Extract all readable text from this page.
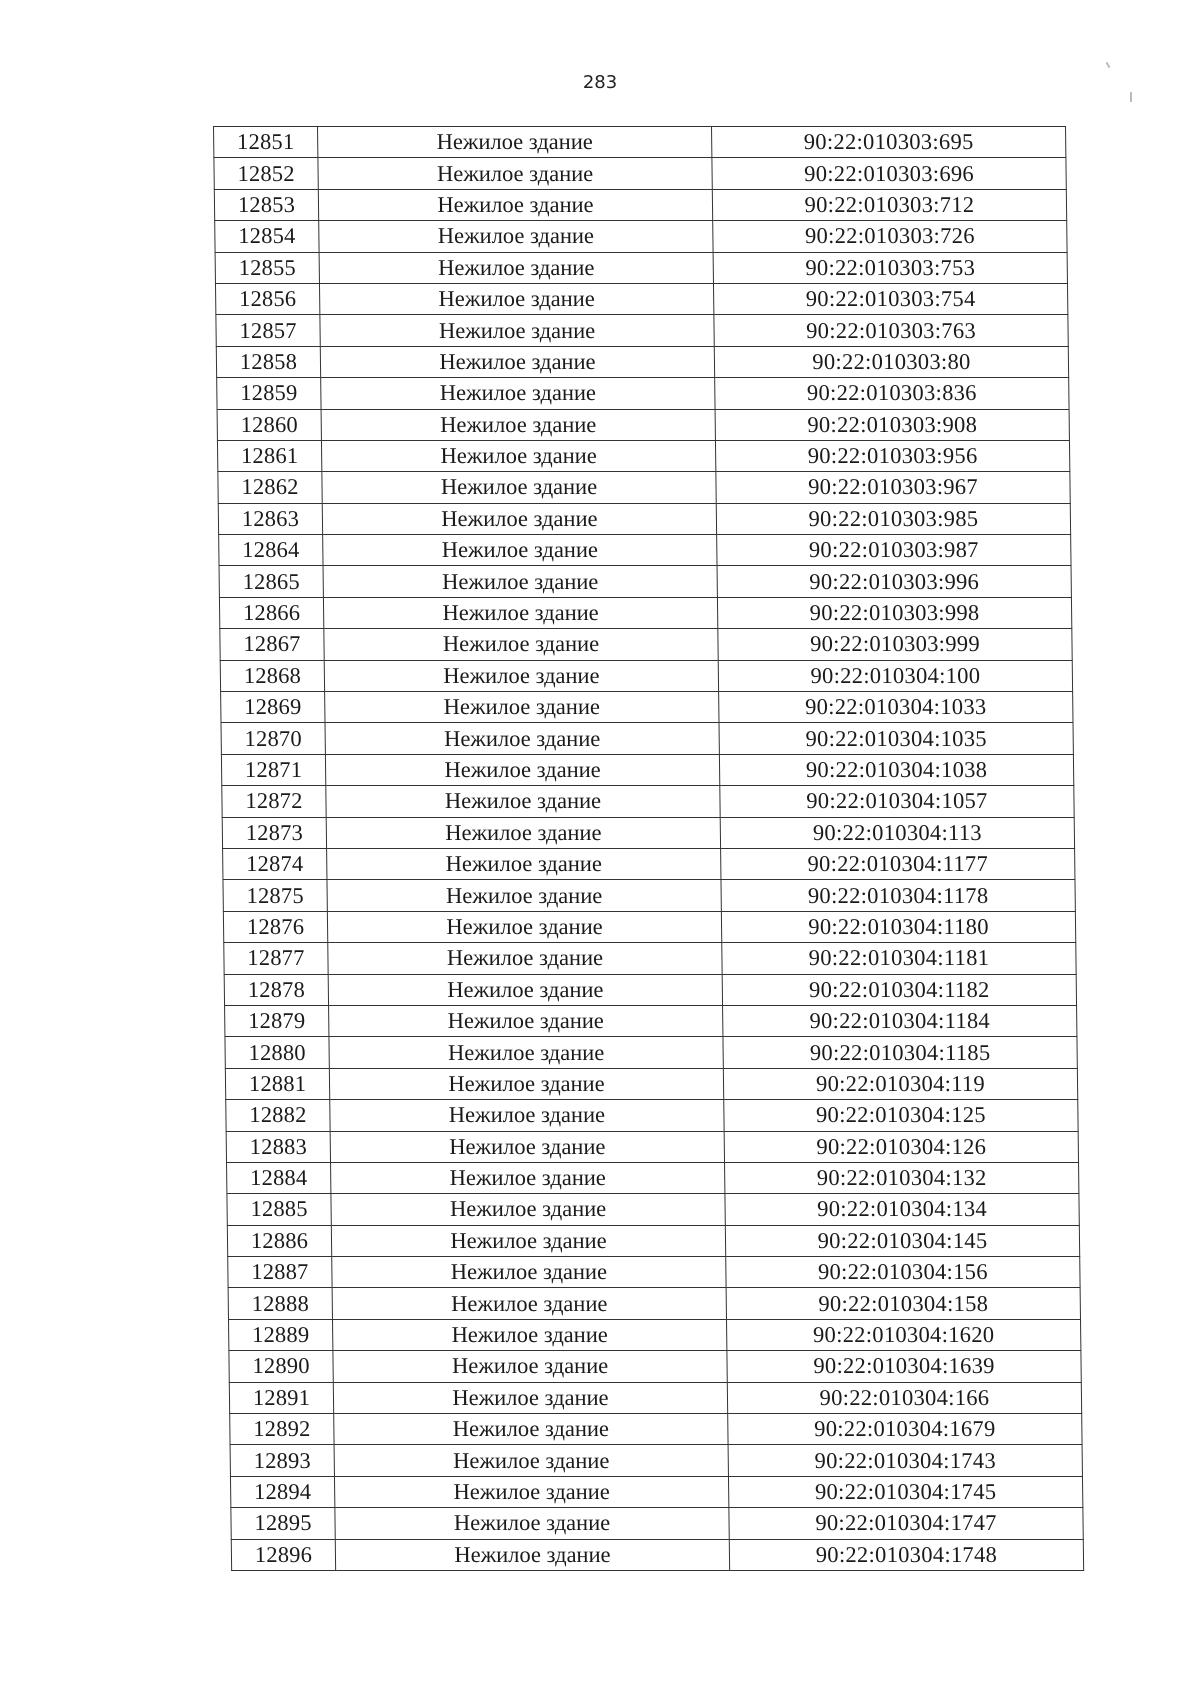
283
12851	Нежилое здание	90:22:010303:695
12852	Нежилое здание	90:22:010303:696
12853	Нежилое здание	90:22:010303:712
12854	Нежилое здание	90:22:010303:726
12855	Нежилое здание	90:22:010303:753
12856	Нежилое здание	90:22:010303:754
12857	Нежилое здание	90:22:010303:763
12858	Нежилое здание	90:22:010303:80
12859	Нежилое здание	90:22:010303:836
12860	Нежилое здание	90:22:010303:908
12861	Нежилое здание	90:22:010303:956
12862	Нежилое здание	90:22:010303:967
12863	Нежилое здание	90:22:010303:985
12864	Нежилое здание	90:22:010303:987
12865	Нежилое здание	90:22:010303:996
12866	Нежилое здание	90:22:010303:998
12867	Нежилое здание	90:22:010303:999
12868	Нежилое здание	90:22:010304:100
12869	Нежилое здание	90:22:010304:1033
12870	Нежилое здание	90:22:010304:1035
12871	Нежилое здание	90:22:010304:1038
12872	Нежилое здание	90:22:010304:1057
12873	Нежилое здание	90:22:010304:113
12874	Нежилое здание	90:22:010304:1177
12875	Нежилое здание	90:22:010304:1178
12876	Нежилое здание	90:22:010304:1180
12877	Нежилое здание	90:22:010304:1181
12878	Нежилое здание	90:22:010304:1182
12879	Нежилое здание	90:22:010304:1184
12880	Нежилое здание	90:22:010304:1185
12881	Нежилое здание	90:22:010304:119
12882	Нежилое здание	90:22:010304:125
12883	Нежилое здание	90:22:010304:126
12884	Нежилое здание	90:22:010304:132
12885	Нежилое здание	90:22:010304:134
12886	Нежилое здание	90:22:010304:145
12887	Нежилое здание	90:22:010304:156
12888	Нежилое здание	90:22:010304:158
12889	Нежилое здание	90:22:010304:1620
12890	Нежилое здание	90:22:010304:1639
12891	Нежилое здание	90:22:010304:166
12892	Нежилое здание	90:22:010304:1679
12893	Нежилое здание	90:22:010304:1743
12894	Нежилое здание	90:22:010304:1745
12895	Нежилое здание	90:22:010304:1747
12896	Нежилое здание	90:22:010304:1748
